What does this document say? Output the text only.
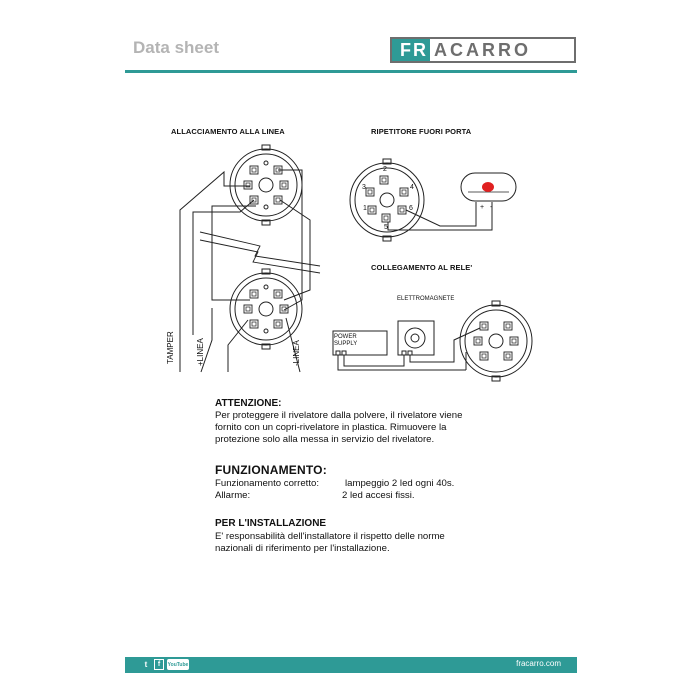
Data sheet	FR ACARRO
ALLACCIAMENTO ALLA LINEA	RIPETITORE FUORI PORTA
COLLEGAMENTO AL RELE'
ELETTROMAGNETE
2
3	4
1	6
5
+ -
TAMPER	+LINEA	-LINEA
POWER
SUPPLY
ATTENZIONE:
Per proteggere il rivelatore dalla polvere, il rivelatore viene
fornito con un copri-rivelatore in plastica. Rimuovere la
protezione solo alla messa in servizio del rivelatore.
FUNZIONAMENTO:
Funzionamento corretto:	lampeggio 2 led ogni 40s.
Allarme:	2 led accesi fissi.
PER L'INSTALLAZIONE
E' responsabilità dell'installatore il rispetto delle norme
nazionali di riferimento per l'installazione.
t	f	YouTube	fracarro.com
